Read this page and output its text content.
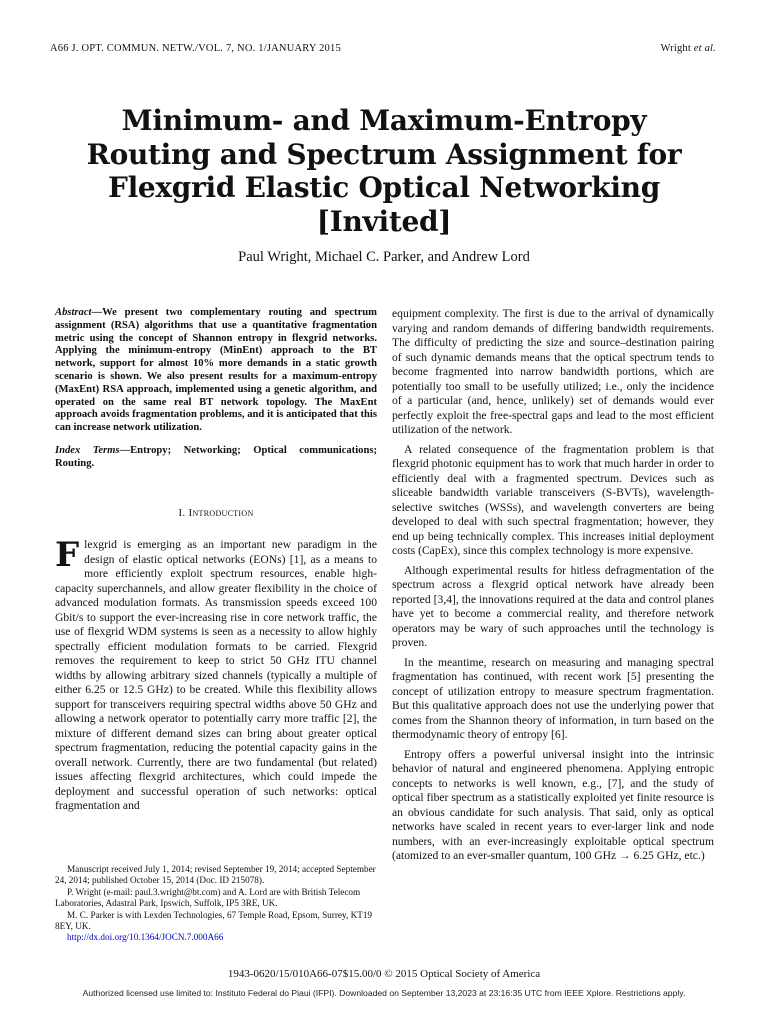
A66 J. OPT. COMMUN. NETW./VOL. 7, NO. 1/JANUARY 2015	Wright et al.
Minimum- and Maximum-Entropy Routing and Spectrum Assignment for Flexgrid Elastic Optical Networking [Invited]
Paul Wright, Michael C. Parker, and Andrew Lord
Abstract—We present two complementary routing and spectrum assignment (RSA) algorithms that use a quantitative fragmentation metric using the concept of Shannon entropy in flexgrid networks. Applying the minimum-entropy (MinEnt) approach to the BT network, support for almost 10% more demands in a static growth scenario is shown. We also present results for a maximum-entropy (MaxEnt) RSA approach, implemented using a genetic algorithm, and operated on the same real BT network topology. The MaxEnt approach avoids fragmentation problems, and it is anticipated that this can increase network utilization.
Index Terms—Entropy; Networking; Optical communications; Routing.
I. Introduction

Flexgrid is emerging as an important new paradigm in the design of elastic optical networks (EONs) [1], as a means to more efficiently exploit spectrum resources, enable high-capacity superchannels, and allow greater flexibility in the choice of advanced modulation formats. As transmission speeds exceed 100 Gbit/s to support the ever-increasing rise in core network traffic, the use of flexgrid WDM systems is seen as a necessity to allow highly spectrally efficient modulation formats to be carried. Flexgrid removes the requirement to keep to strict 50 GHz ITU channel widths by allowing arbitrary sized channels (typically a multiple of either 6.25 or 12.5 GHz) to be created. While this flexibility allows support for transceivers requiring spectral widths above 50 GHz and allowing a network operator to potentially carry more traffic [2], the mixture of different demand sizes can bring about greater optical spectrum fragmentation, reducing the potential capacity gains in the overall network. Currently, there are two fundamental (but related) issues affecting flexgrid architectures, which could impede the deployment and successful operation of such networks: optical fragmentation and

Manuscript received July 1, 2014; revised September 19, 2014; accepted September 24, 2014; published October 15, 2014 (Doc. ID 215078).

P. Wright (e-mail: paul.3.wright@bt.com) and A. Lord are with British Telecom Laboratories, Adastral Park, Ipswich, Suffolk, IP5 3RE, UK.

M. C. Parker is with Lexden Technologies, 67 Temple Road, Epsom, Surrey, KT19 8EY, UK.

http://dx.doi.org/10.1364/JOCN.7.000A66

equipment complexity. The first is due to the arrival of dynamically varying and random demands of differing bandwidth requirements. The difficulty of predicting the size and source–destination pairing of such dynamic demands means that the optical spectrum tends to become fragmented into narrow bandwidth portions, which are potentially too small to be usefully utilized; i.e., only the incidence of a particular (and, hence, unlikely) set of demands would ever perfectly exploit the free-spectral gaps and lead to the most efficient utilization of the network.

A related consequence of the fragmentation problem is that flexgrid photonic equipment has to work that much harder in order to efficiently deal with a fragmented spectrum. Devices such as sliceable bandwidth variable transceivers (S-BVTs), wavelength-selective switches (WSSs), and wavelength converters are being developed to deal with such spectral fragmentation; however, they end up being technically complex. This increases initial deployment costs (CapEx), since this complex technology is more expensive.

Although experimental results for hitless defragmentation of the spectrum across a flexgrid optical network have already been reported [3,4], the innovations required at the data and control planes have yet to become a commercial reality, and therefore network operators may be wary of such approaches until the technology is proven.

In the meantime, research on measuring and managing spectral fragmentation has continued, with recent work [5] presenting the concept of utilization entropy to measure spectrum fragmentation. But this qualitative approach does not use the underlying power that comes from the Shannon theory of information, in turn based on the thermodynamic theory of entropy [6].

Entropy offers a powerful universal insight into the intrinsic behavior of natural and engineered phenomena. Applying entropic concepts to networks is well known, e.g., [7], and the study of optical fiber spectrum as a statistically exploited yet finite resource is an obvious candidate for such analysis. That said, only as optical networks have scaled in recent years to ever-larger link and node numbers, with an ever-increasingly exploitable optical spectrum (atomized to an ever-smaller quantum, 100 GHz → 6.25 GHz, etc.)

1943-0620/15/010A66-07$15.00/0 © 2015 Optical Society of America
Authorized licensed use limited to: Instituto Federal do Piaui (IFPI). Downloaded on September 13,2023 at 23:16:35 UTC from IEEE Xplore. Restrictions apply.
